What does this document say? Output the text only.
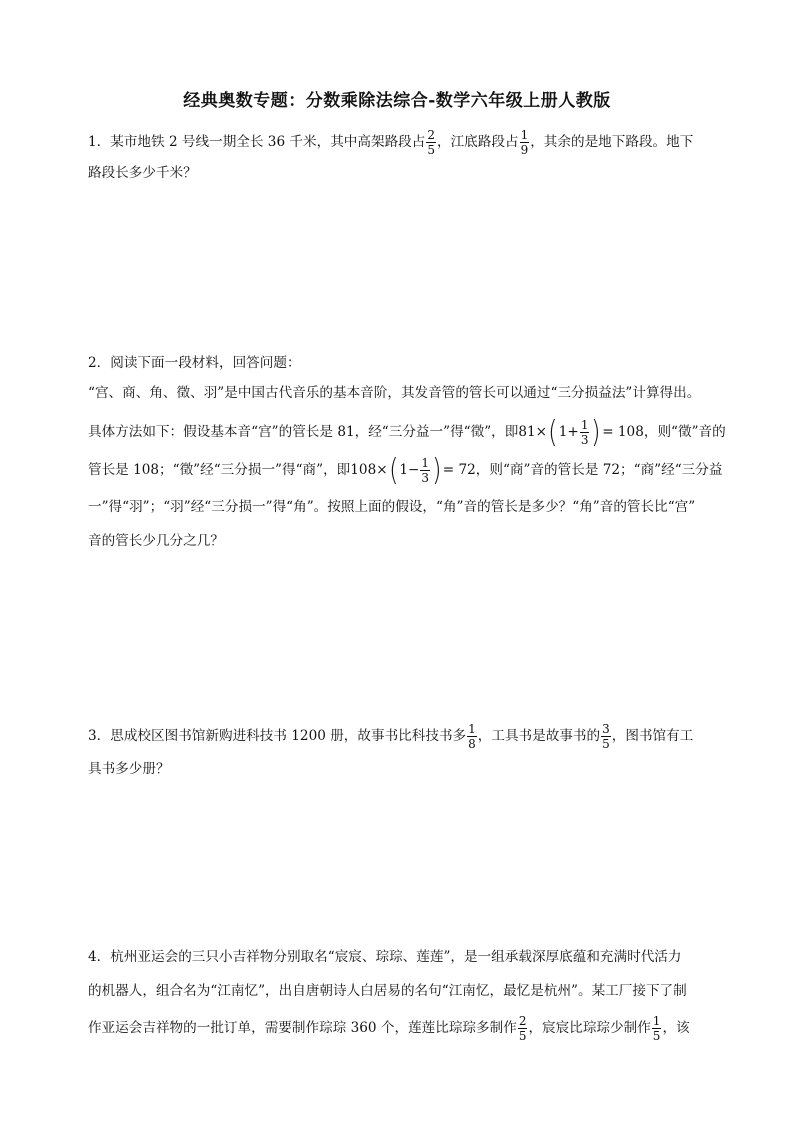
经典奥数专题：分数乘除法综合-数学六年级上册人教版
1．某市地铁 2 号线一期全长 36 千米，其中高架路段占 $\frac{2}{5}$ ，江底路段占 $\frac{1}{9}$ ，其余的是地下路段。地下
路段长多少千米？
2．阅读下面一段材料，回答问题：
“宫、商、角、徵、羽”是中国古代音乐的基本音阶，其发音管的管长可以通过“三分损益法”计算得出。
具体方法如下：假设基本音“宫”的管长是 81，经“三分益一”得“徵”，即$81\times(1+ \frac{1}{3}$ )= 108，则“徵”音的
管长是 108；“徵”经“三分损一”得“商”，即$108\times(1- \frac{1}{3}$ )= 72，则“商”音的管长是 72；“商”经“三分益
一”得“羽”；“羽”经“三分损一”得“角”。按照上面的假设，“角”音的管长是多少？“角”音的管长比“宫”
音的管长少几分之几？
3．思成校区图书馆新购进科技书 1200 册，故事书比科技书多 $\frac{1}{8}$ ，工具书是故事书的 $\frac{3}{5}$ ，图书馆有工
具书多少册？
4．杭州亚运会的三只小吉祥物分别取名“宸宸、琮琮、莲莲”，是一组承载深厚底蕴和充满时代活力
的机器人，组合名为“江南忆”，出自唐朝诗人白居易的名句“江南忆，最忆是杭州”。某工厂接下了制
作亚运会吉祥物的一批订单，需要制作琮琮 360 个，莲莲比琮琮多制作 $\frac{2}{5}$ ，宸宸比琮琮少制作 $\frac{1}{5}$ ，该
